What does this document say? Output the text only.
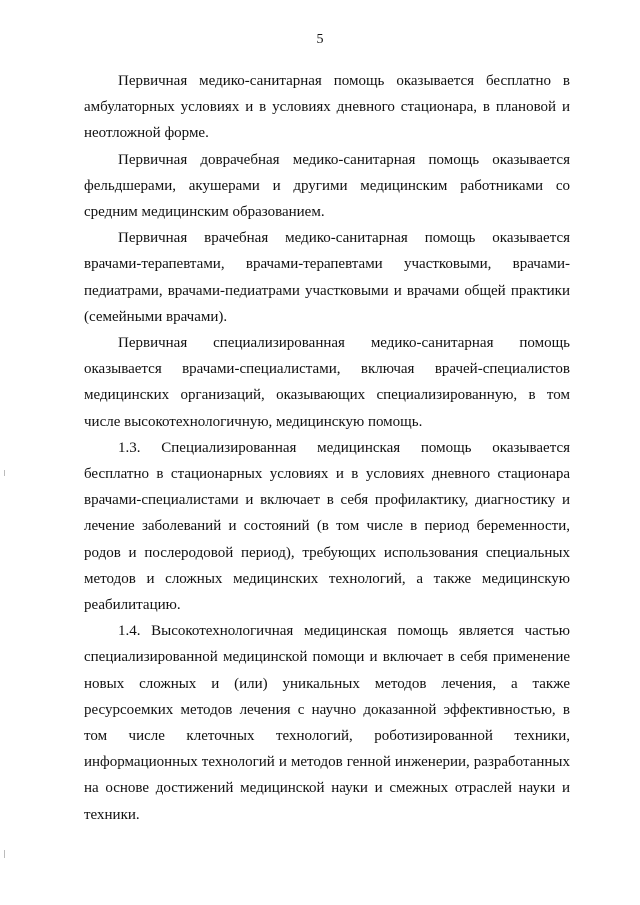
5

Первичная медико-санитарная помощь оказывается бесплатно в амбулаторных условиях и в условиях дневного стационара, в плановой и неотложной форме.

Первичная доврачебная медико-санитарная помощь оказывается фельдшерами, акушерами и другими медицинским работниками со средним медицинским образованием.

Первичная врачебная медико-санитарная помощь оказывается врачами-терапевтами, врачами-терапевтами участковыми, врачами-педиатрами, врачами-педиатрами участковыми и врачами общей практики (семейными врачами).

Первичная специализированная медико-санитарная помощь оказывается врачами-специалистами, включая врачей-специалистов медицинских организаций, оказывающих специализированную, в том числе высокотехнологичную, медицинскую помощь.

1.3. Специализированная медицинская помощь оказывается бесплатно в стационарных условиях и в условиях дневного стационара врачами-специалистами и включает в себя профилактику, диагностику и лечение заболеваний и состояний (в том числе в период беременности, родов и послеродовой период), требующих использования специальных методов и сложных медицинских технологий, а также медицинскую реабилитацию.

1.4. Высокотехнологичная медицинская помощь является частью специализированной медицинской помощи и включает в себя применение новых сложных и (или) уникальных методов лечения, а также ресурсоемких методов лечения с научно доказанной эффективностью, в том числе клеточных технологий, роботизированной техники, информационных технологий и методов генной инженерии, разработанных на основе достижений медицинской науки и смежных отраслей науки и техники.
